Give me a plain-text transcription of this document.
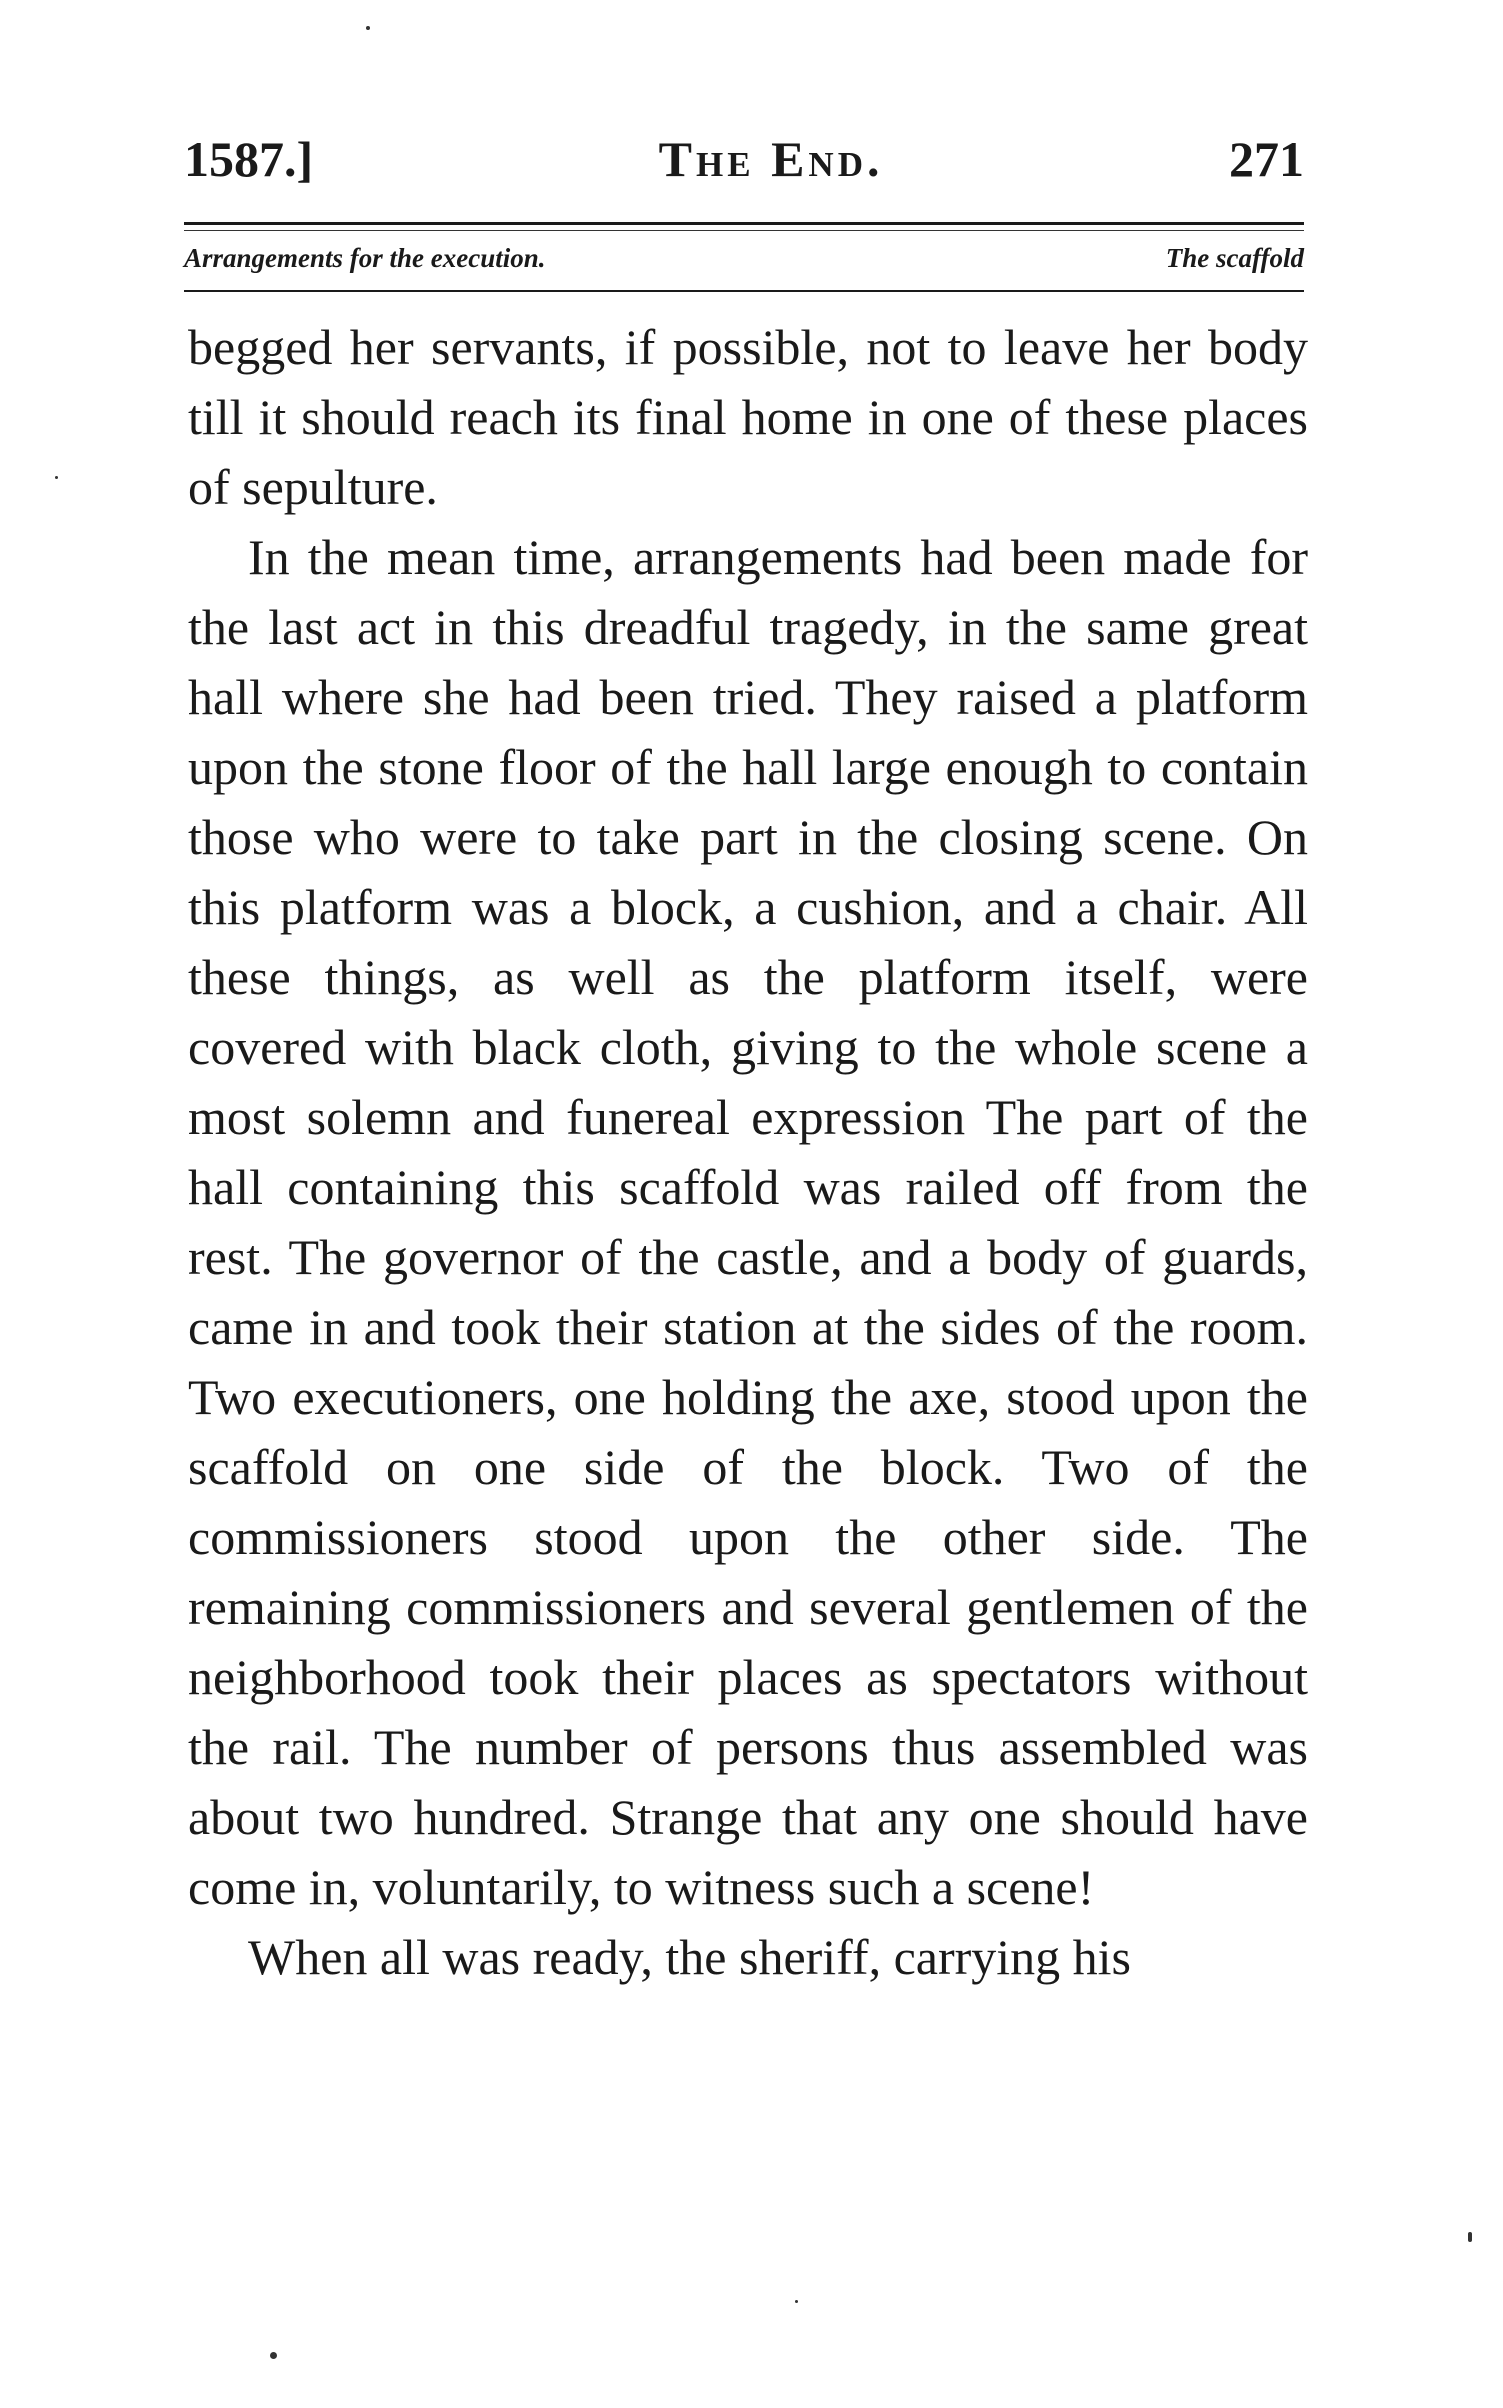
1587.]	The End.	271
Arrangements for the execution.	The scaffold

begged her servants, if possible, not to leave her body till it should reach its final home in one of these places of sepulture.

In the mean time, arrangements had been made for the last act in this dreadful tragedy, in the same great hall where she had been tried. They raised a platform upon the stone floor of the hall large enough to contain those who were to take part in the closing scene. On this platform was a block, a cushion, and a chair. All these things, as well as the platform itself, were covered with black cloth, giving to the whole scene a most solemn and funereal expression The part of the hall containing this scaffold was railed off from the rest. The governor of the castle, and a body of guards, came in and took their station at the sides of the room. Two executioners, one holding the axe, stood upon the scaffold on one side of the block. Two of the commissioners stood upon the other side. The remaining commissioners and several gentlemen of the neighborhood took their places as spectators without the rail. The number of persons thus assembled was about two hundred. Strange that any one should have come in, voluntarily, to witness such a scene!

When all was ready, the sheriff, carrying his
